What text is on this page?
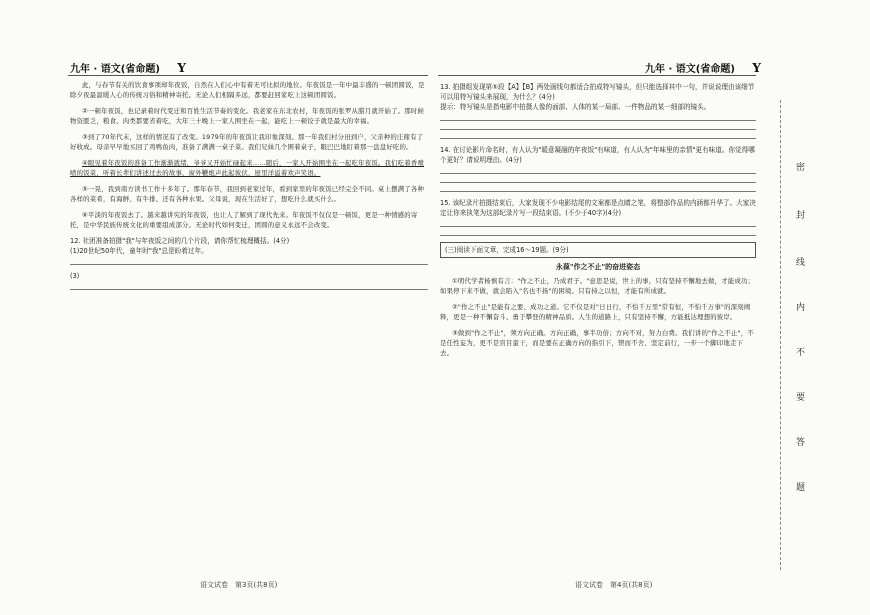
九年 · 语文(省命题) Y

此，与春节有关的饮食事项却年夜饭，自然在人们心中有着无可比拟的地位。年夜饭是一年中最丰盛的一顿团圆饭，是除夕夜最温暖人心的传统习俗和精神寄托。无论人们相隔多远，都要赶回家吃上这顿团圆饭。

②一顿年夜饭，也记录着时代变迁和百姓生活节奏的变化。我老家在东北农村，年夜饭的张罗从腊月就开始了。那时候物资匮乏，粮食、肉类都要省着吃，大年三十晚上一家人围坐在一起，能吃上一顿饺子就是最大的幸福。

③到了70年代末，这样的情况有了改变。1979年的年夜饭让我印象深刻。那一年我们村分田到户，父亲种的庄稼有了好收成。母亲早早地买回了鸡鸭鱼肉，准备了满满一桌子菜。我们兄妹几个围着桌子，眼巴巴地盯着那一盘盘好吃的。

④眼见着年夜饭的准备工作渐渐就绪，爷爷又开始忙碌起来……随后，一家人开始围坐在一起吃年夜饭。我们吃着香喷喷的饭菜，听着长辈们讲述过去的故事，窗外鞭炮声此起彼伏，屋里洋溢着欢声笑语。

⑤一晃，我到南方读书工作十多年了。那年春节，我回到老家过年，看到家里的年夜饭已经完全不同。桌上摆满了各种各样的菜肴，有海鲜、有牛排、还有各种水果。父母说，现在生活好了，想吃什么就买什么。

⑥平淡的年夜饭去了。越来越讲究的年夜饭，也让人了解到了现代先来。年夜饭不仅仅是一顿饭，更是一种情感的寄托，是中华民族传统文化的重要组成部分。无论时代如何变迁，团圆的意义永远不会改变。

12. 社团准备拍摄"我"与年夜饭之间的几个片段，请你帮忙梳理概括。(4分)

(1)20世纪50年代，童年时"我"总是盼着过年。

(3)

语文试卷　第3页(共8页)
九年 · 语文(省命题) Y

13. 拍摄组发现第⑤段【A】【B】两处画线句都适合拍成特写镜头，但只能选择其中一句，并说说理由该细节可以用特写镜头来展现，为什么？(4分)

提示：特写镜头是指电影中拍摄人像的面部、人体的某一局部、一件物品的某一细部的镜头。

14. 在讨论影片命名时，有人认为"暖意凝融的年夜饭"有味道，有人认为"年味里的亲情"更有味道。你觉得哪个更好？请说明理由。(4分)

15. 该纪录片拍摄结束后，大家发现不少电影结尾的文案都是点睛之笔，将整部作品的内涵都升华了。大家决定让你来执笔为这部纪录片写一段结束语。(不少于40字)(4分)

(三)阅读下面文章，完成16～19题。(9分)
永葆"作之不止"的奋进姿态

①明代学者杨慎有言："作之不止，乃成君子。"意思是说，世上的事，只有坚持不懈地去做，才能成功；如果停下来不做，就会陷入"名也不扬"的困境。只有持之以恒，才能有所成就。

②"作之不止"是能有之要、成功之道。它不仅是对"日日行，不怕千万里"常有恒，不怕千万事"的深刻阐释，更是一种不懈奋斗、勇于攀登的精神品质。人生的道路上，只有坚持不懈，方能抵达理想的彼岸。

③做到"作之不止"，须方向正确。方向正确，事半功倍；方向不对，努力白费。我们讲的"作之不止"，不是任性妄为，更不是盲目蛮干，而是要在正确方向的指引下，锲而不舍、坚定前行，一步一个脚印地走下去。

语文试卷　第4页(共8页)
密
封
线
内
不
要
答
题
